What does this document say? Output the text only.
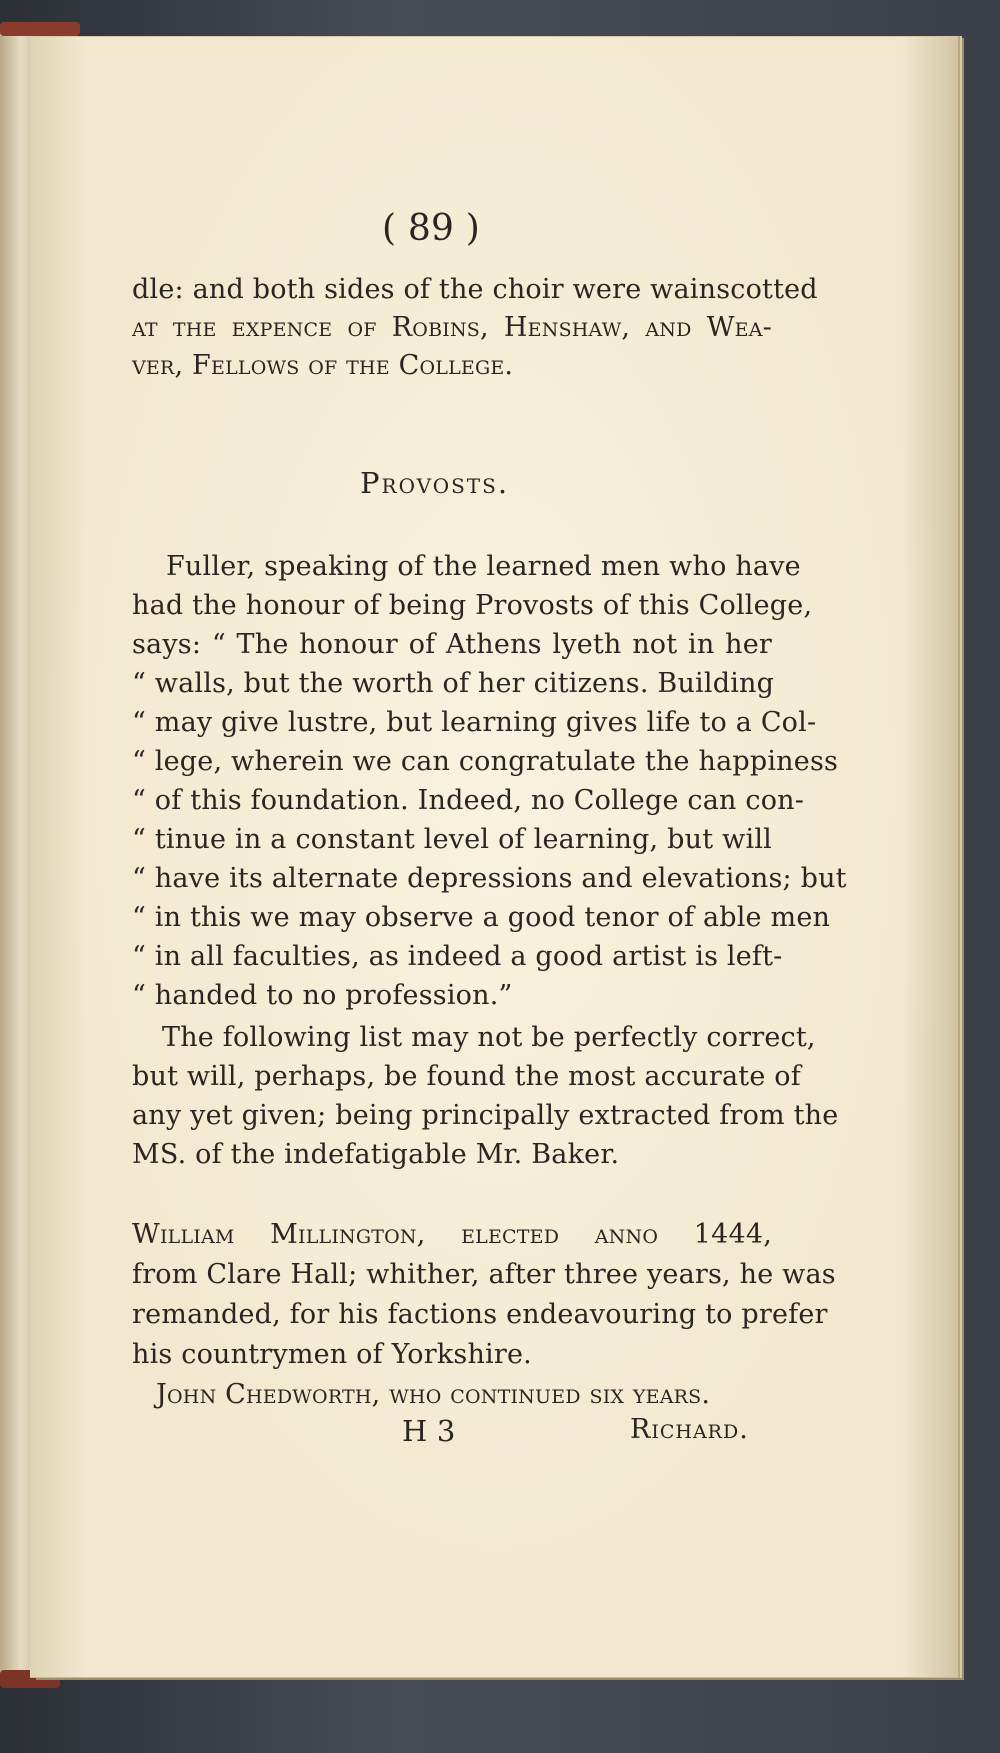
( 89 )
dle: and both sides of the choir were wainscotted
at the expence of Robins, Henshaw, and Wea-
ver, Fellows of the College.
Provosts.
Fuller, speaking of the learned men who have
had the honour of being Provosts of this College,
says: “ The honour of Athens lyeth not in her
“ walls, but the worth of her citizens. Building
“ may give lustre, but learning gives life to a Col-
“ lege, wherein we can congratulate the happiness
“ of this foundation. Indeed, no College can con-
“ tinue in a constant level of learning, but will
“ have its alternate depressions and elevations; but
“ in this we may observe a good tenor of able men
“ in all faculties, as indeed a good artist is left-
“ handed to no profession.”
The following list may not be perfectly correct,
but will, perhaps, be found the most accurate of
any yet given; being principally extracted from the
MS. of the indefatigable Mr. Baker.
William Millington, elected anno 1444,
from Clare Hall; whither, after three years, he was
remanded, for his factions endeavouring to prefer
his countrymen of Yorkshire.
John Chedworth, who continued six years.
H 3	Richard.
